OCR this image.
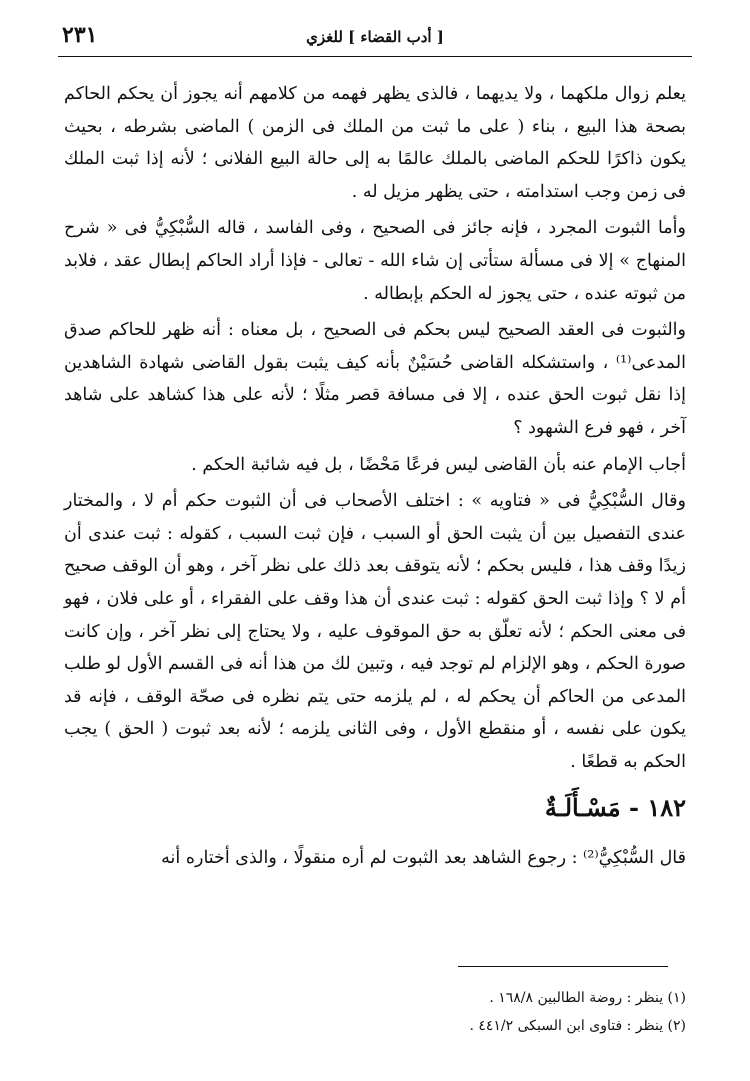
[ أدب القضاء ] للغزي
٢٣١

يعلم زوال ملكهما ، ولا يديهما ، فالذى يظهر فهمه من كلامهم أنه يجوز أن يحكم الحاكم بصحة هذا البيع ، بناء ( على ما ثبت من الملك فى الزمن ) الماضى بشرطه ، بحيث يكون ذاكرًا للحكم الماضى بالملك عالمًا به إلى حالة البيع الفلانى ؛ لأنه إذا ثبت الملك فى زمن وجب استدامته ، حتى يظهر مزيل له .

وأما الثبوت المجرد ، فإنه جائز فى الصحيح ، وفى الفاسد ، قاله السُّبْكِيُّ فى « شرح المنهاج » إلا فى مسألة ستأتى إن شاء الله - تعالى - فإذا أراد الحاكم إبطال عقد ، فلابد من ثبوته عنده ، حتى يجوز له الحكم بإبطاله .

والثبوت فى العقد الصحيح ليس بحكم فى الصحيح ، بل معناه : أنه ظهر للحاكم صدق المدعى⁽¹⁾ ، واستشكله القاضى حُسَيْنٌ بأنه كيف يثبت بقول القاضى شهادة الشاهدين إذا نقل ثبوت الحق عنده ، إلا فى مسافة قصر مثلًا ؛ لأنه على هذا كشاهد على شاهد آخر ، فهو فرع الشهود ؟

أجاب الإمام عنه بأن القاضى ليس فرعًا مَحْضًا ، بل فيه شائبة الحكم .

وقال السُّبْكِيُّ فى « فتاويه » : اختلف الأصحاب فى أن الثبوت حكم أم لا ، والمختار عندى التفصيل بين أن يثبت الحق أو السبب ، فإن ثبت السبب ، كقوله : ثبت عندى أن زيدًا وقف هذا ، فليس بحكم ؛ لأنه يتوقف بعد ذلك على نظر آخر ، وهو أن الوقف صحيح أم لا ؟ وإذا ثبت الحق كقوله : ثبت عندى أن هذا وقف على الفقراء ، أو على فلان ، فهو فى معنى الحكم ؛ لأنه تعلّق به حق الموقوف عليه ، ولا يحتاج إلى نظر آخر ، وإن كانت صورة الحكم ، وهو الإلزام لم توجد فيه ، وتبين لك من هذا أنه فى القسم الأول لو طلب المدعى من الحاكم أن يحكم له ، لم يلزمه حتى يتم نظره فى صحّة الوقف ، فإنه قد يكون على نفسه ، أو منقطع الأول ، وفى الثانى يلزمه ؛ لأنه بعد ثبوت ( الحق ) يجب الحكم به قطعًا .

١٨٢ - مَسْـأَلَـةٌ

قال السُّبْكِيُّ⁽²⁾ : رجوع الشاهد بعد الثبوت لم أره منقولًا ، والذى أختاره أنه

(١) ينظر : روضة الطالبين ١٦٨/٨ .

(٢) ينظر : فتاوى ابن السبكى ٤٤١/٢ .
